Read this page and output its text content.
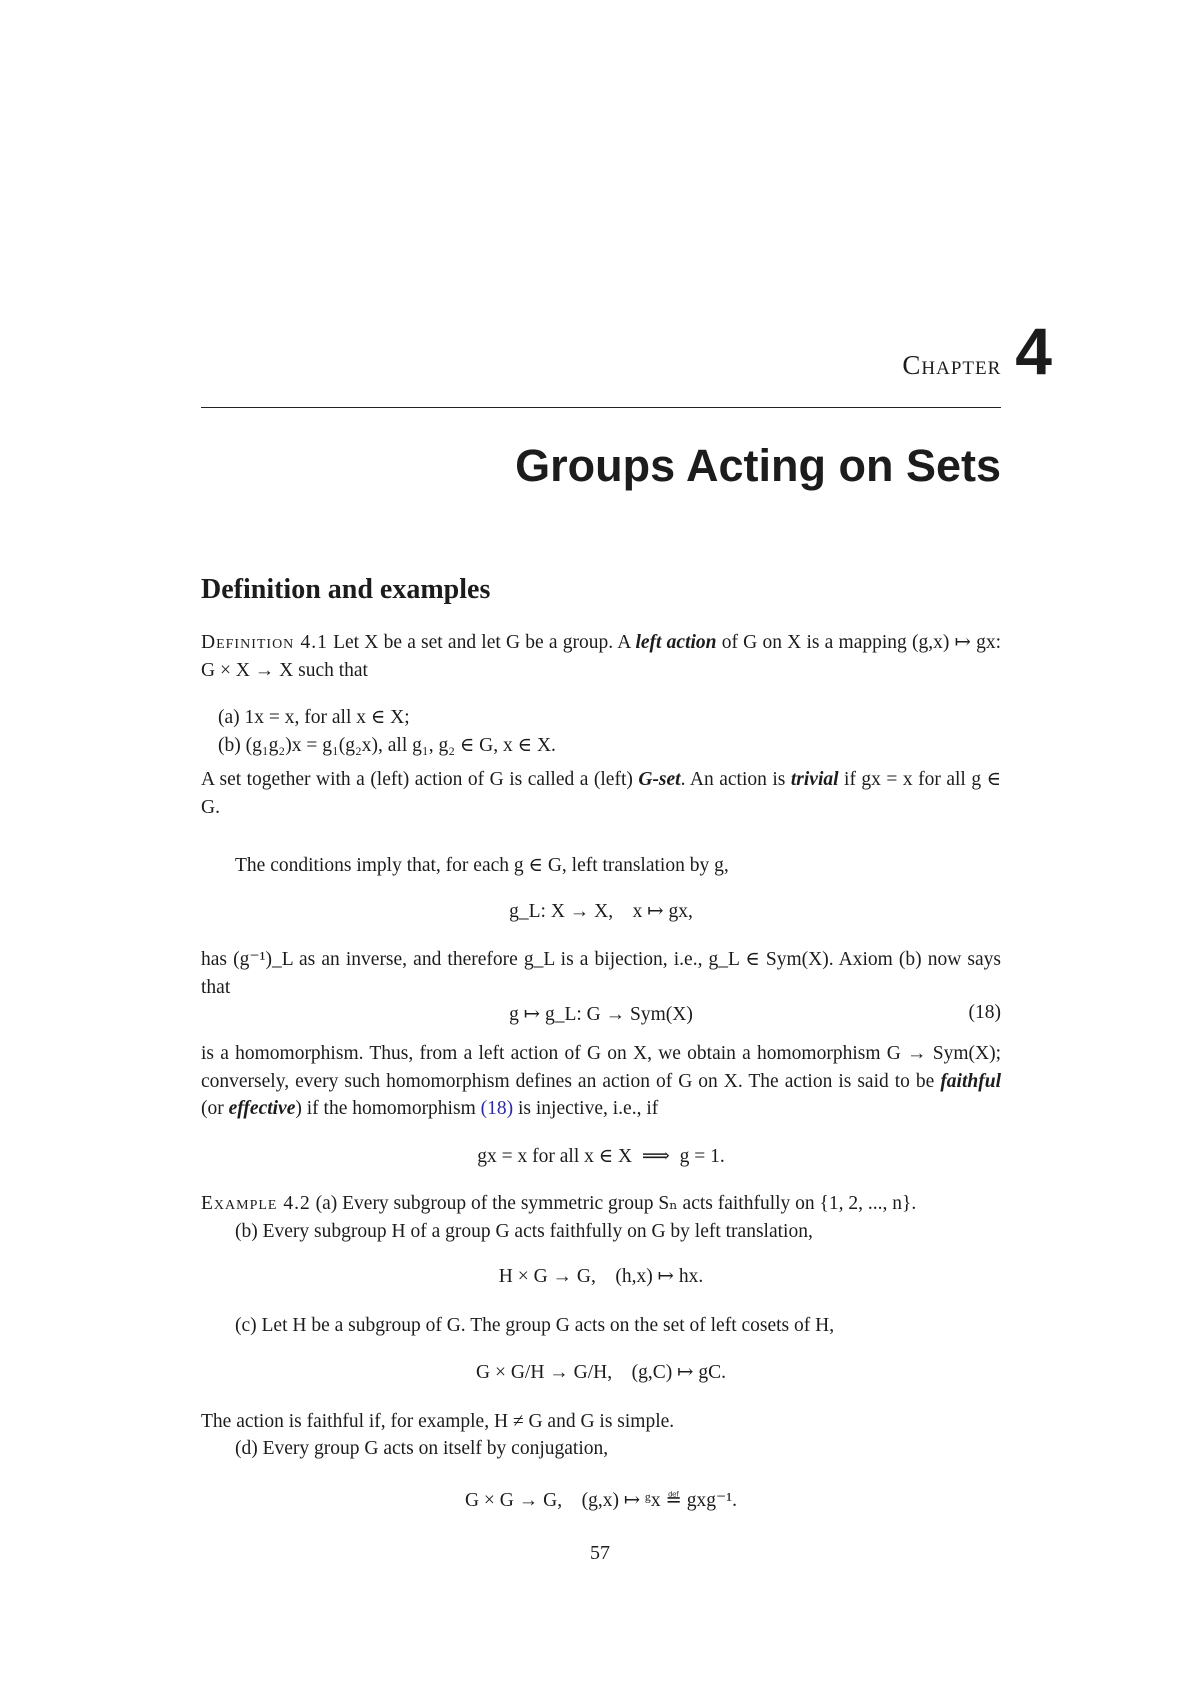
Chapter 4
Groups Acting on Sets
Definition and examples
Definition 4.1 Let X be a set and let G be a group. A left action of G on X is a mapping (g,x) ↦ gx: G × X → X such that
(a) 1x = x, for all x ∈ X;
(b) (g₁g₂)x = g₁(g₂x), all g₁, g₂ ∈ G, x ∈ X.
A set together with a (left) action of G is called a (left) G-set. An action is trivial if gx = x for all g ∈ G.
The conditions imply that, for each g ∈ G, left translation by g,
g_L: X → X,    x ↦ gx,
has (g⁻¹)_L as an inverse, and therefore g_L is a bijection, i.e., g_L ∈ Sym(X). Axiom (b) now says that
g ↦ g_L: G → Sym(X)	(18)
is a homomorphism. Thus, from a left action of G on X, we obtain a homomorphism G → Sym(X); conversely, every such homomorphism defines an action of G on X. The action is said to be faithful (or effective) if the homomorphism (18) is injective, i.e., if
gx = x for all x ∈ X  ⟹  g = 1.
Example 4.2 (a) Every subgroup of the symmetric group Sₙ acts faithfully on {1, 2, ..., n}.
(b) Every subgroup H of a group G acts faithfully on G by left translation,
H × G → G,    (h,x) ↦ hx.
(c) Let H be a subgroup of G. The group G acts on the set of left cosets of H,
G × G/H → G/H,    (g,C) ↦ gC.
The action is faithful if, for example, H ≠ G and G is simple.
(d) Every group G acts on itself by conjugation,
G × G → G,    (g,x) ↦ ᵍx ≝ gxg⁻¹.
57
